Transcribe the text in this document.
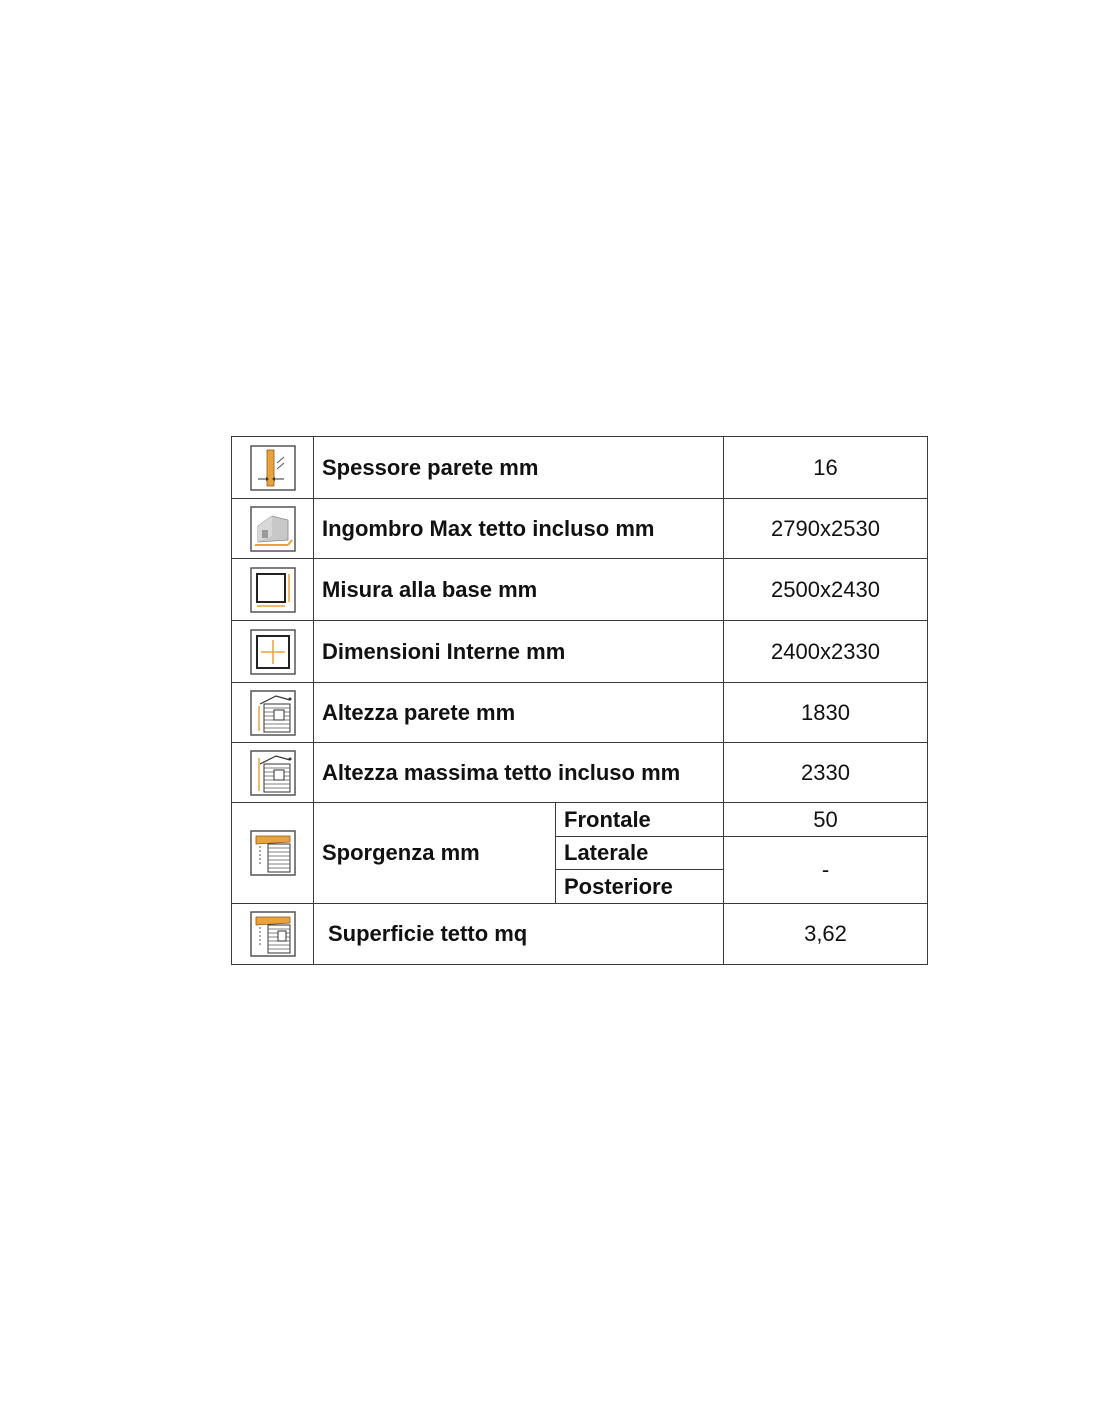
	Spessore parete mm		16

	Ingombro Max tetto incluso mm		2790x2530

	Misura alla base mm		2500x2430

	Dimensioni Interne mm		2400x2330

	Altezza parete mm		1830

	Altezza massima tetto incluso mm		2330

	Sporgenza mm	Frontale	50
		Laterale	-
		Posteriore	

	Superficie tetto mq		3,62
